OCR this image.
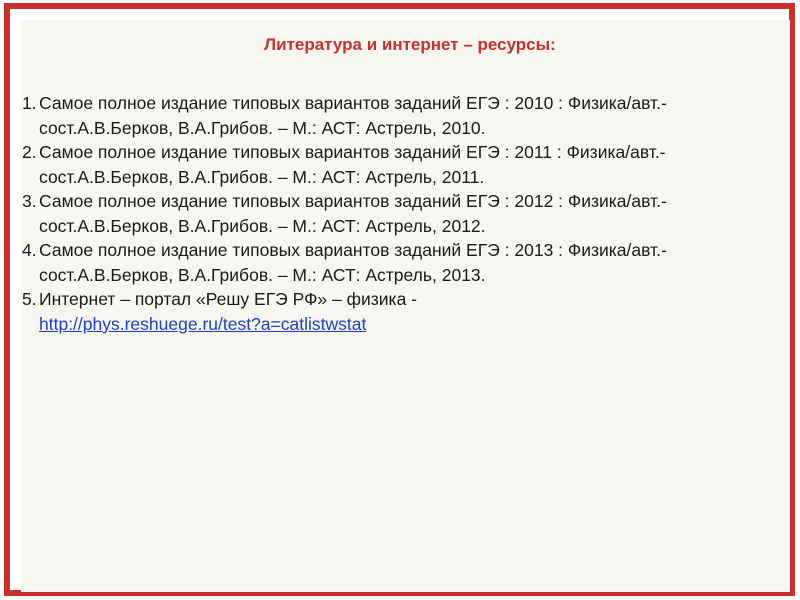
Литература и интернет – ресурсы:
1. Самое полное издание типовых вариантов заданий ЕГЭ : 2010 : Физика/авт.-сост.А.В.Берков, В.А.Грибов. – М.: АСТ: Астрель, 2010.
2. Самое полное издание типовых вариантов заданий ЕГЭ : 2011 : Физика/авт.-сост.А.В.Берков, В.А.Грибов. – М.: АСТ: Астрель, 2011.
3. Самое полное издание типовых вариантов заданий ЕГЭ : 2012 : Физика/авт.-сост.А.В.Берков, В.А.Грибов. – М.: АСТ: Астрель, 2012.
4. Самое полное издание типовых вариантов заданий ЕГЭ : 2013 : Физика/авт.-сост.А.В.Берков, В.А.Грибов. – М.: АСТ: Астрель, 2013.
5. Интернет – портал «Решу ЕГЭ РФ» – физика -
http://phys.reshuege.ru/test?a=catlistwstat
